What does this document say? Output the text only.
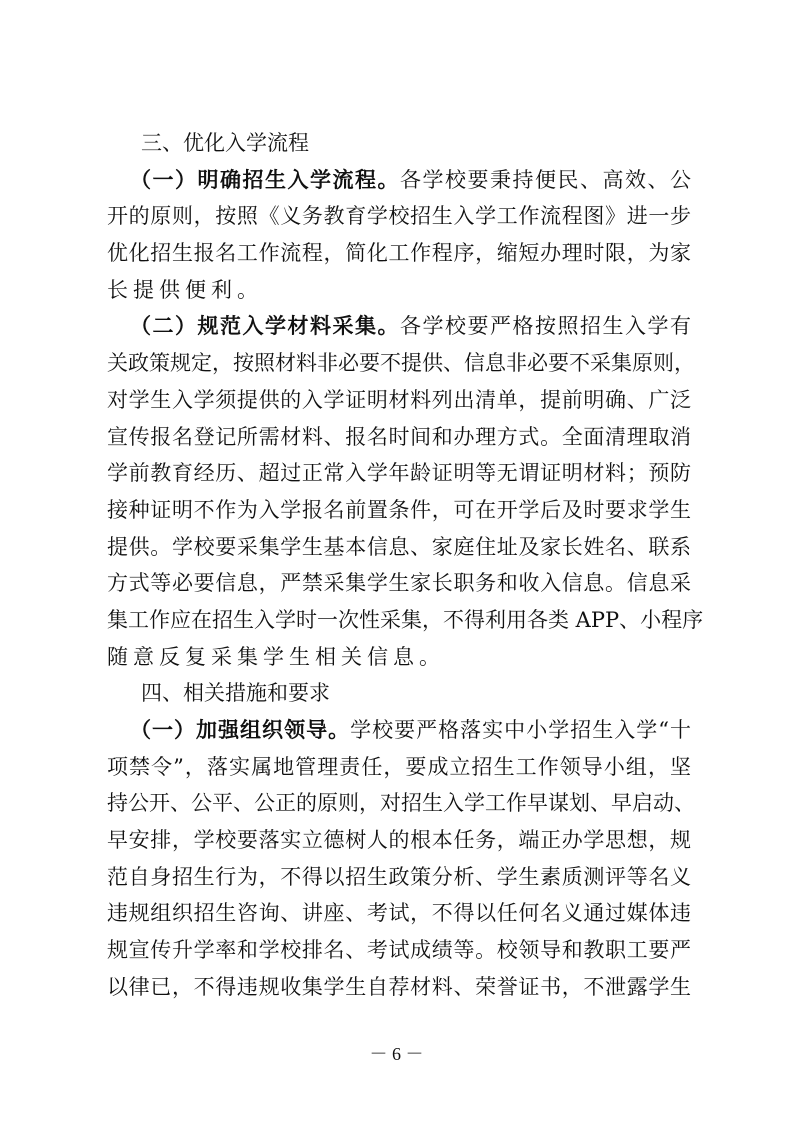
三、优化入学流程
（一）明确招生入学流程。各学校要秉持便民、高效、公
开的原则，按照《义务教育学校招生入学工作流程图》进一步
优化招生报名工作流程，简化工作程序，缩短办理时限，为家
长提供便利。
（二）规范入学材料采集。各学校要严格按照招生入学有
关政策规定，按照材料非必要不提供、信息非必要不采集原则，
对学生入学须提供的入学证明材料列出清单，提前明确、广泛
宣传报名登记所需材料、报名时间和办理方式。全面清理取消
学前教育经历、超过正常入学年龄证明等无谓证明材料；预防
接种证明不作为入学报名前置条件，可在开学后及时要求学生
提供。学校要采集学生基本信息、家庭住址及家长姓名、联系
方式等必要信息，严禁采集学生家长职务和收入信息。信息采
集工作应在招生入学时一次性采集，不得利用各类 APP、小程序
随意反复采集学生相关信息。
四、相关措施和要求
（一）加强组织领导。学校要严格落实中小学招生入学“十
项禁令”，落实属地管理责任，要成立招生工作领导小组，坚
持公开、公平、公正的原则，对招生入学工作早谋划、早启动、
早安排，学校要落实立德树人的根本任务，端正办学思想，规
范自身招生行为，不得以招生政策分析、学生素质测评等名义
违规组织招生咨询、讲座、考试，不得以任何名义通过媒体违
规宣传升学率和学校排名、考试成绩等。校领导和教职工要严
以律已，不得违规收集学生自荐材料、荣誉证书，不泄露学生
－ 6 －
